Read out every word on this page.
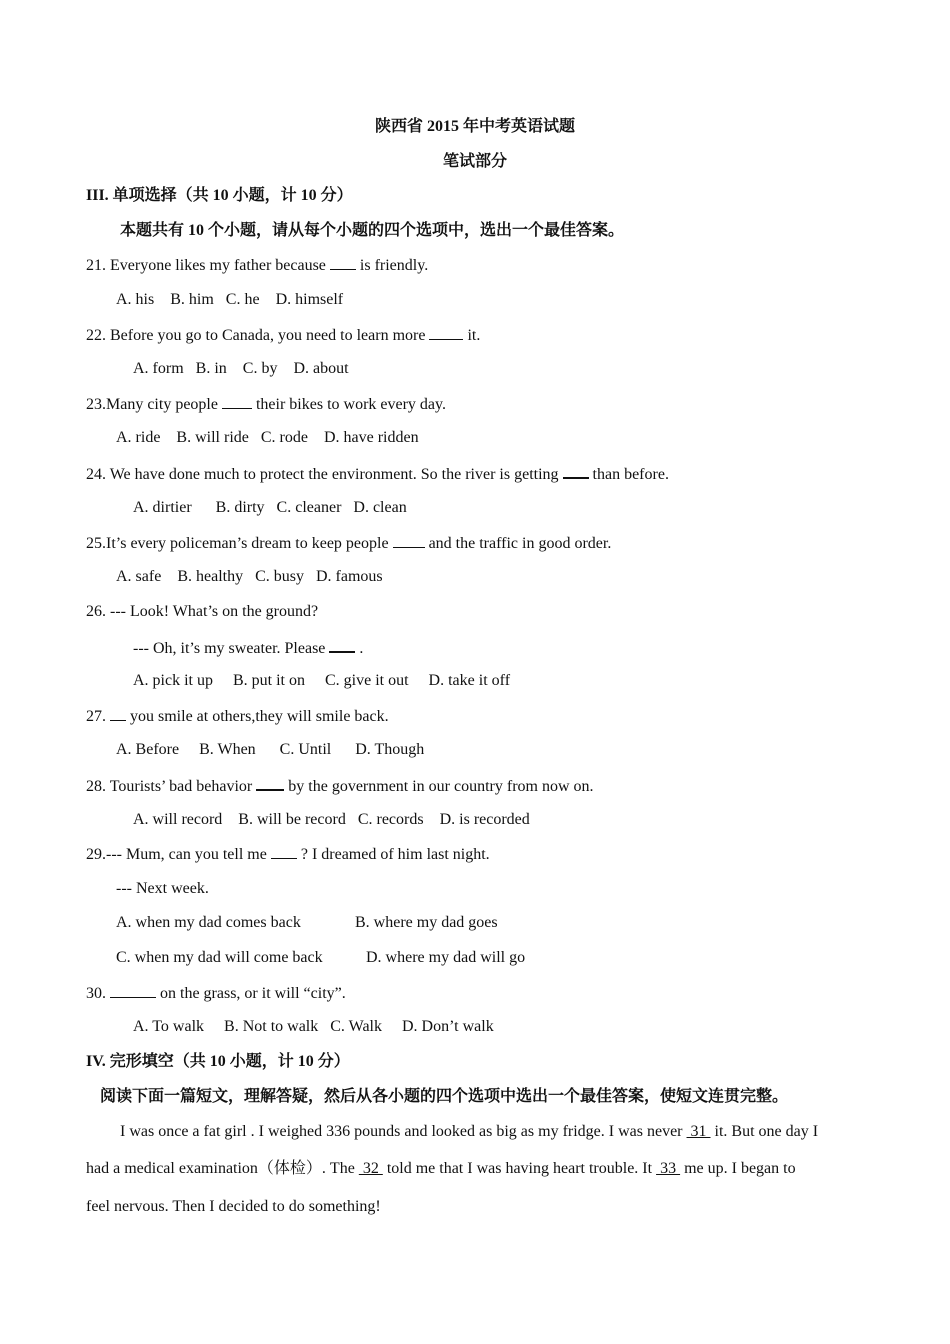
陕西省 2015 年中考英语试题
笔试部分
III. 单项选择（共 10 小题，计 10 分）
本题共有 10 个小题，请从每个小题的四个选项中，选出一个最佳答案。
21. Everyone likes my father because  is friendly.
A. his    B. him   C. he    D. himself
22. Before you go to Canada, you need to learn more  it.
A. form   B. in    C. by    D. about
23.Many city people  their bikes to work every day.
A. ride    B. will ride   C. rode    D. have ridden
24. We have done much to protect the environment. So the river is getting  than before.
A. dirtier      B. dirty   C. cleaner   D. clean
25.It’s every policeman’s dream to keep people  and the traffic in good order.
A. safe    B. healthy   C. busy   D. famous
26. --- Look! What’s on the ground?
--- Oh, it’s my sweater. Please  .
A. pick it up     B. put it on     C. give it out     D. take it off
27.  you smile at others,they will smile back.
A. Before     B. When      C. Until      D. Though
28. Tourists’ bad behavior  by the government in our country from now on.
A. will record    B. will be record   C. records    D. is recorded
29.--- Mum, can you tell me  ? I dreamed of him last night.
--- Next week.
A. when my dad comes back	B. where my dad goes
C. when my dad will come back	D. where my dad will go
30.	on the grass, or it will “city”.
A. To walk     B. Not to walk   C. Walk     D. Don’t walk
IV. 完形填空（共 10 小题，计 10 分）
阅读下面一篇短文，理解答疑，然后从各小题的四个选项中选出一个最佳答案，使短文连贯完整。
I was once a fat girl . I weighed 336 pounds and looked as big as my fridge. I was never  31  it. But one day I
had a medical examination（体检）. The  32  told me that I was having heart trouble. It  33  me up. I began to
feel nervous. Then I decided to do something!
